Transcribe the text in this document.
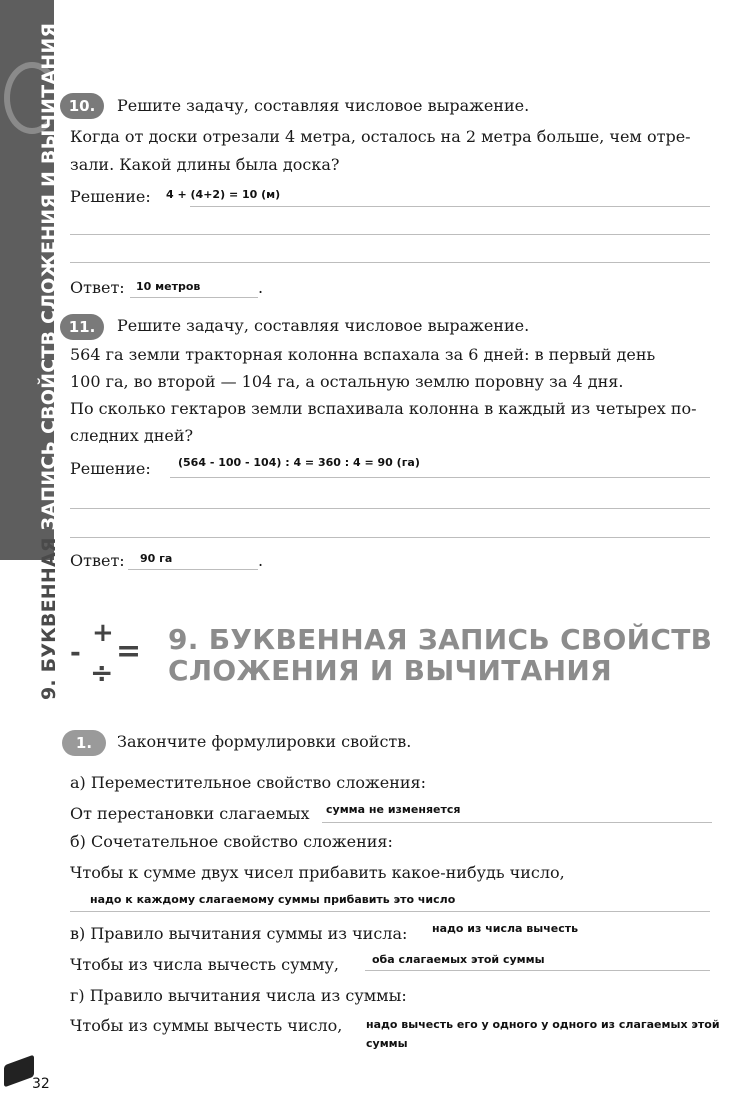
9. БУКВЕННАЯ ЗАПИСЬ СВОЙСТВ СЛОЖЕНИЯ И ВЫЧИТАНИЯ 10.	Решите задачу, составляя числовое выражение.
Когда от доски отрезали 4 метра, осталось на 2 метра больше, чем отре-
зали. Какой длины была доска?
Решение: 4 + (4+2) = 10 (м)
Ответ: 10 метров	.
11.	Решите задачу, составляя числовое выражение.
564 га земли тракторная колонна вспахала за 6 дней: в первый день
100 га, во второй — 104 га, а остальную землю поровну за 4 дня.
По сколько гектаров земли вспахивала колонна в каждый из четырех по-
следних дней?
Решение: (564 - 100 - 104) : 4 = 360 : 4 = 90 (га)
Ответ: 90 га	.
+
- =
÷
9. БУКВЕННАЯ ЗАПИСЬ СВОЙСТВ
СЛОЖЕНИЯ И ВЫЧИТАНИЯ
1.	Закончите формулировки свойств.
а) Переместительное свойство сложения:
От перестановки слагаемых сумма не изменяется
б) Сочетательное свойство сложения:
Чтобы к сумме двух чисел прибавить какое-нибудь число,
надо к каждому слагаемому суммы прибавить это число
в) Правило вычитания суммы из числа: надо из числа вычесть
Чтобы из числа вычесть сумму,	оба слагаемых этой суммы
г) Правило вычитания числа из суммы:
Чтобы из суммы вычесть число, надо вычесть его у одного у одного из слагаемых этой
суммы
32
